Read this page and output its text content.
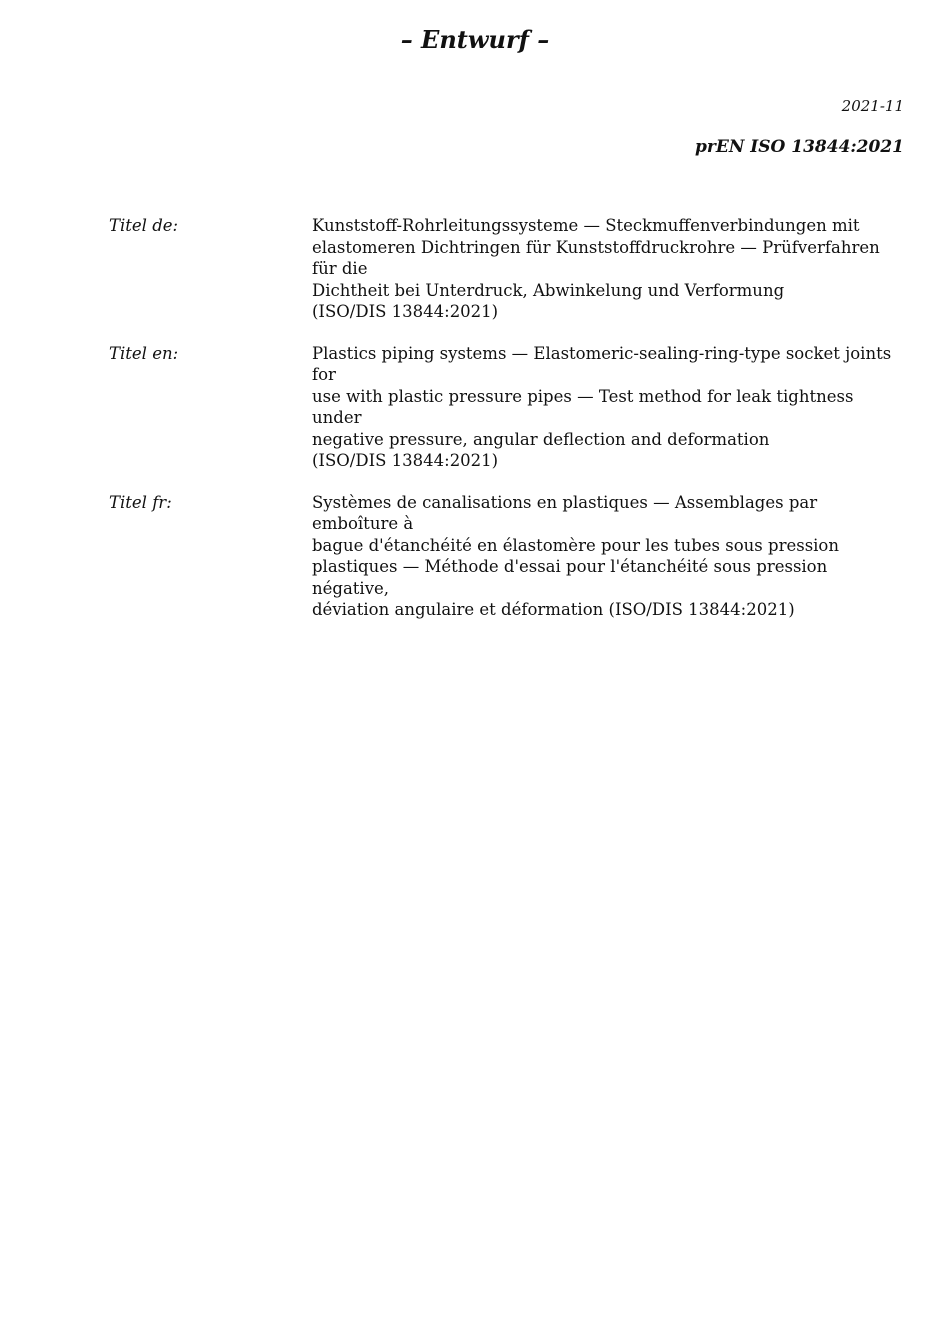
– Entwurf –
2021-11
prEN ISO 13844:2021
Titel de:	Kunststoff-Rohrleitungssysteme — Steckmuffenverbindungen mit
elastomeren Dichtringen für Kunststoffdruckrohre — Prüfverfahren für die
Dichtheit bei Unterdruck, Abwinkelung und Verformung
(ISO/DIS 13844:2021)
Titel en:	Plastics piping systems — Elastomeric-sealing-ring-type socket joints for
use with plastic pressure pipes — Test method for leak tightness under
negative pressure, angular deflection and deformation
(ISO/DIS 13844:2021)
Titel fr:	Systèmes de canalisations en plastiques — Assemblages par emboîture à
bague d'étanchéité en élastomère pour les tubes sous pression
plastiques — Méthode d'essai pour l'étanchéité sous pression négative,
déviation angulaire et déformation (ISO/DIS 13844:2021)
